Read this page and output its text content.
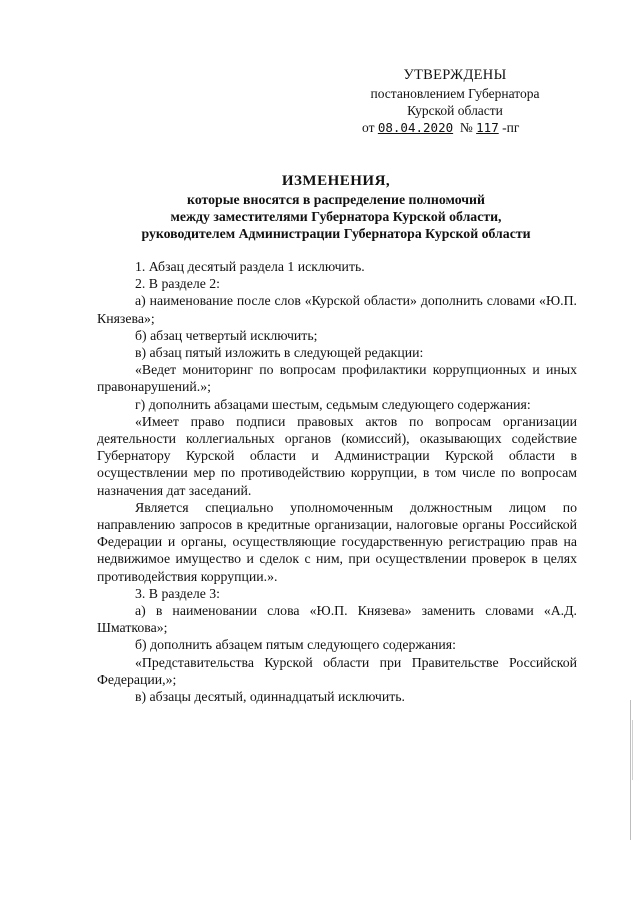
УТВЕРЖДЕНЫ
постановлением Губернатора
Курской области
от 08.04.2020 № 117 -пг
ИЗМЕНЕНИЯ,
которые вносятся в распределение полномочий
между заместителями Губернатора Курской области,
руководителем Администрации Губернатора Курской области

1. Абзац десятый раздела 1 исключить.

2. В разделе 2:

а) наименование после слов «Курской области» дополнить словами «Ю.П. Князева»;

б) абзац четвертый исключить;

в) абзац пятый изложить в следующей редакции:

«Ведет мониторинг по вопросам профилактики коррупционных и иных правонарушений.»;

г) дополнить абзацами шестым, седьмым следующего содержания:

«Имеет право подписи правовых актов по вопросам организации деятельности коллегиальных органов (комиссий), оказывающих содействие Губернатору Курской области и Администрации Курской области в осуществлении мер по противодействию коррупции, в том числе по вопросам назначения дат заседаний.

Является специально уполномоченным должностным лицом по направлению запросов в кредитные организации, налоговые органы Российской Федерации и органы, осуществляющие государственную регистрацию прав на недвижимое имущество и сделок с ним, при осуществлении проверок в целях противодействия коррупции.».

3. В разделе 3:

а) в наименовании слова «Ю.П. Князева» заменить словами «А.Д. Шматкова»;

б) дополнить абзацем пятым следующего содержания:

«Представительства Курской области при Правительстве Российской Федерации,»;

в) абзацы десятый, одиннадцатый исключить.
